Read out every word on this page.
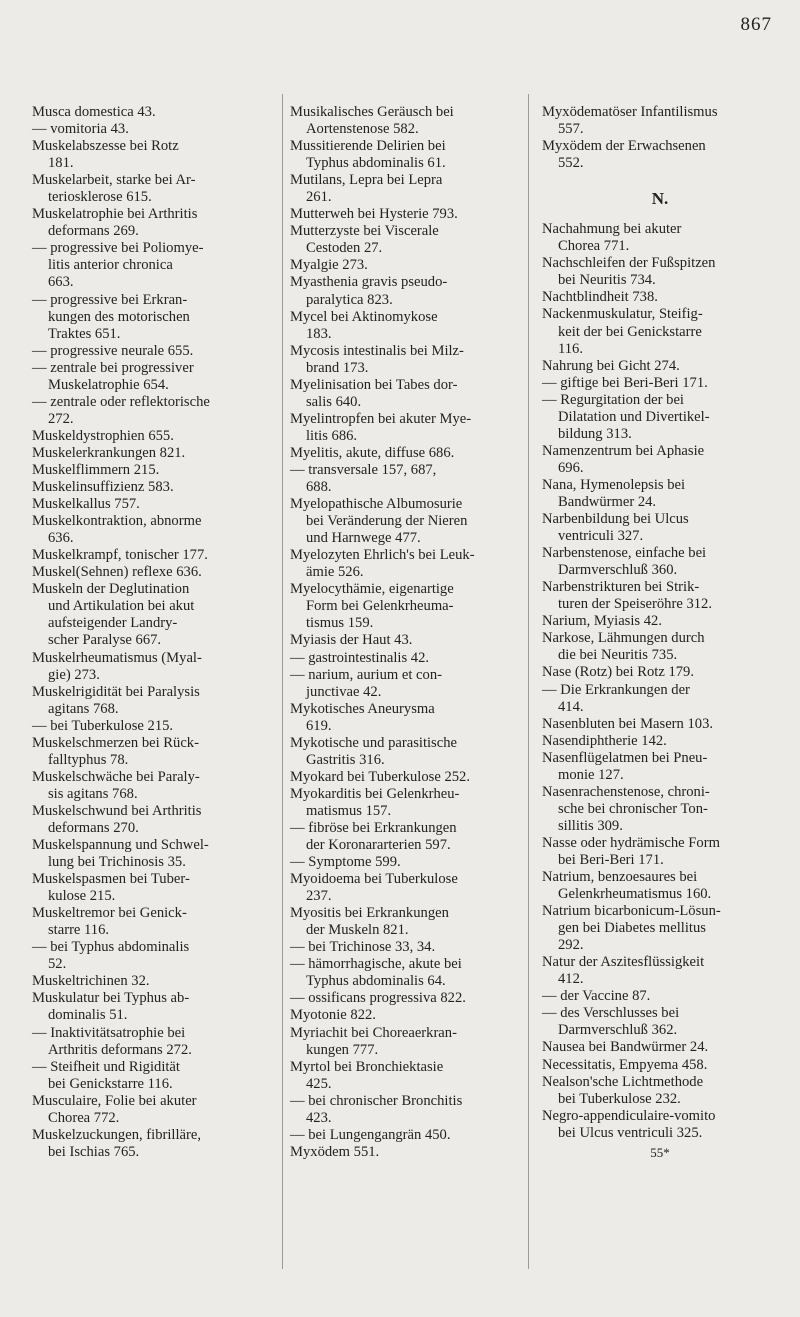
867
Musca domestica 43.
— vomitoria 43.
Muskelabszesse bei Rotz
181.
Muskelarbeit, starke bei Ar-
teriosklerose 615.
Muskelatrophie bei Arthritis
deformans 269.
— progressive bei Poliomye-
litis anterior chronica
663.
— progressive bei Erkran-
kungen des motorischen
Traktes 651.
— progressive neurale 655.
— zentrale bei progressiver
Muskelatrophie 654.
— zentrale oder reflektorische
272.
Muskeldystrophien 655.
Muskelerkrankungen 821.
Muskelflimmern 215.
Muskelinsuffizienz 583.
Muskelkallus 757.
Muskelkontraktion, abnorme
636.
Muskelkrampf, tonischer 177.
Muskel(Sehnen) reflexe 636.
Muskeln der Deglutination
und Artikulation bei akut
aufsteigender Landry-
scher Paralyse 667.
Muskelrheumatismus (Myal-
gie) 273.
Muskelrigidität bei Paralysis
agitans 768.
— bei Tuberkulose 215.
Muskelschmerzen bei Rück-
falltyphus 78.
Muskelschwäche bei Paraly-
sis agitans 768.
Muskelschwund bei Arthritis
deformans 270.
Muskelspannung und Schwel-
lung bei Trichinosis 35.
Muskelspasmen bei Tuber-
kulose 215.
Muskeltremor bei Genick-
starre 116.
— bei Typhus abdominalis
52.
Muskeltrichinen 32.
Muskulatur bei Typhus ab-
dominalis 51.
— Inaktivitätsatrophie bei
Arthritis deformans 272.
— Steifheit und Rigidität
bei Genickstarre 116.
Musculaire, Folie bei akuter
Chorea 772.
Muskelzuckungen, fibrilläre,
bei Ischias 765.
Musikalisches Geräusch bei
Aortenstenose 582.
Mussitierende Delirien bei
Typhus abdominalis 61.
Mutilans, Lepra bei Lepra
261.
Mutterweh bei Hysterie 793.
Mutterzyste bei Viscerale
Cestoden 27.
Myalgie 273.
Myasthenia gravis pseudo-
paralytica 823.
Mycel bei Aktinomykose
183.
Mycosis intestinalis bei Milz-
brand 173.
Myelinisation bei Tabes dor-
salis 640.
Myelintropfen bei akuter Mye-
litis 686.
Myelitis, akute, diffuse 686.
— transversale 157, 687,
688.
Myelopathische Albumosurie
bei Veränderung der Nieren
und Harnwege 477.
Myelozyten Ehrlich's bei Leuk-
ämie 526.
Myelocythämie, eigenartige
Form bei Gelenkrheuma-
tismus 159.
Myiasis der Haut 43.
— gastrointestinalis 42.
— narium, aurium et con-
junctivae 42.
Mykotisches Aneurysma
619.
Mykotische und parasitische
Gastritis 316.
Myokard bei Tuberkulose 252.
Myokarditis bei Gelenkrheu-
matismus 157.
— fibröse bei Erkrankungen
der Koronararterien 597.
— Symptome 599.
Myoidoema bei Tuberkulose
237.
Myositis bei Erkrankungen
der Muskeln 821.
— bei Trichinose 33, 34.
— hämorrhagische, akute bei
Typhus abdominalis 64.
— ossificans progressiva 822.
Myotonie 822.
Myriachit bei Choreaerkran-
kungen 777.
Myrtol bei Bronchiektasie
425.
— bei chronischer Bronchitis
423.
— bei Lungengangrän 450.
Myxödem 551.
Myxödematöser Infantilismus
557.
Myxödem der Erwachsenen
552.
N.
Nachahmung bei akuter
Chorea 771.
Nachschleifen der Fußspitzen
bei Neuritis 734.
Nachtblindheit 738.
Nackenmuskulatur, Steifig-
keit der bei Genickstarre
116.
Nahrung bei Gicht 274.
— giftige bei Beri-Beri 171.
— Regurgitation der bei
Dilatation und Divertikel-
bildung 313.
Namenzentrum bei Aphasie
696.
Nana, Hymenolepsis bei
Bandwürmer 24.
Narbenbildung bei Ulcus
ventriculi 327.
Narbenstenose, einfache bei
Darmverschluß 360.
Narbenstrikturen bei Strik-
turen der Speiseröhre 312.
Narium, Myiasis 42.
Narkose, Lähmungen durch
die bei Neuritis 735.
Nase (Rotz) bei Rotz 179.
— Die Erkrankungen der
414.
Nasenbluten bei Masern 103.
Nasendiphtherie 142.
Nasenflügelatmen bei Pneu-
monie 127.
Nasenrachenstenose, chroni-
sche bei chronischer Ton-
sillitis 309.
Nasse oder hydrämische Form
bei Beri-Beri 171.
Natrium, benzoesaures bei
Gelenkrheumatismus 160.
Natrium bicarbonicum-Lösun-
gen bei Diabetes mellitus
292.
Natur der Aszitesflüssigkeit
412.
— der Vaccine 87.
— des Verschlusses bei
Darmverschluß 362.
Nausea bei Bandwürmer 24.
Necessitatis, Empyema 458.
Nealson'sche Lichtmethode
bei Tuberkulose 232.
Negro-appendiculaire-vomito
bei Ulcus ventriculi 325.
55*
